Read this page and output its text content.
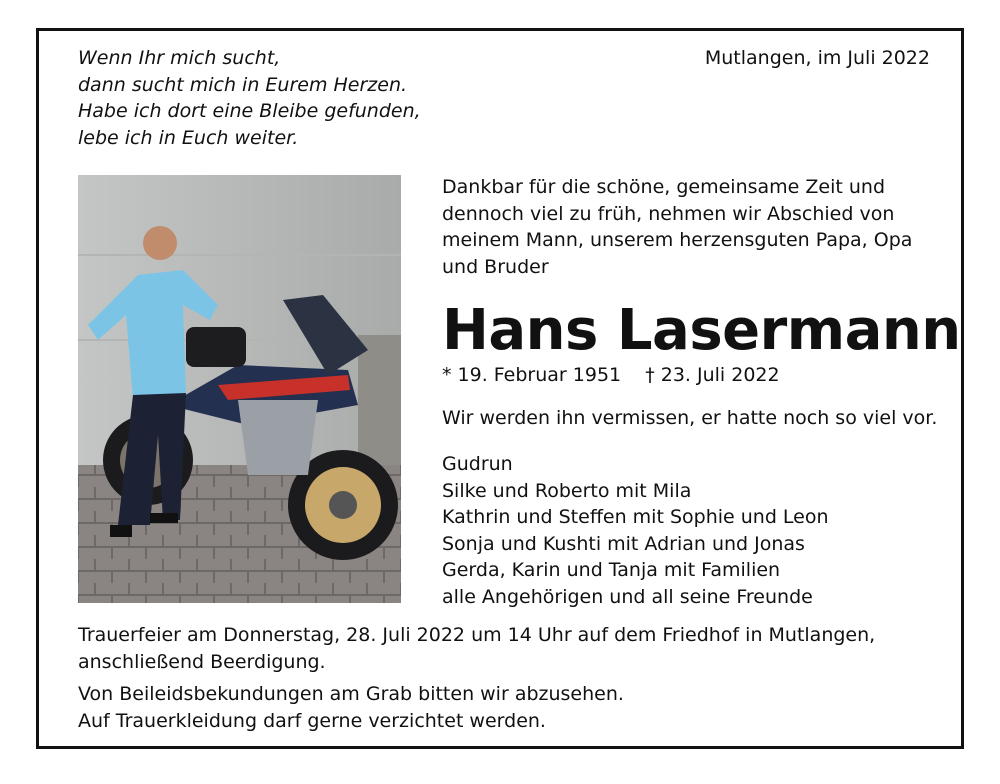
Wenn Ihr mich sucht,
dann sucht mich in Eurem Herzen.
Habe ich dort eine Bleibe gefunden,
lebe ich in Euch weiter.
Mutlangen, im Juli 2022
Dankbar für die schöne, gemeinsame Zeit und
dennoch viel zu früh, nehmen wir Abschied von
meinem Mann, unserem herzensguten Papa, Opa
und Bruder
Hans Lasermann
* 19. Februar 1951 † 23. Juli 2022
Wir werden ihn vermissen, er hatte noch so viel vor.
Gudrun
Silke und Roberto mit Mila
Kathrin und Steffen mit Sophie und Leon
Sonja und Kushti mit Adrian und Jonas
Gerda, Karin und Tanja mit Familien
alle Angehörigen und all seine Freunde
Trauerfeier am Donnerstag, 28. Juli 2022 um 14 Uhr auf dem Friedhof in Mutlangen,
anschließend Beerdigung.
Von Beileidsbekundungen am Grab bitten wir abzusehen.
Auf Trauerkleidung darf gerne verzichtet werden.
